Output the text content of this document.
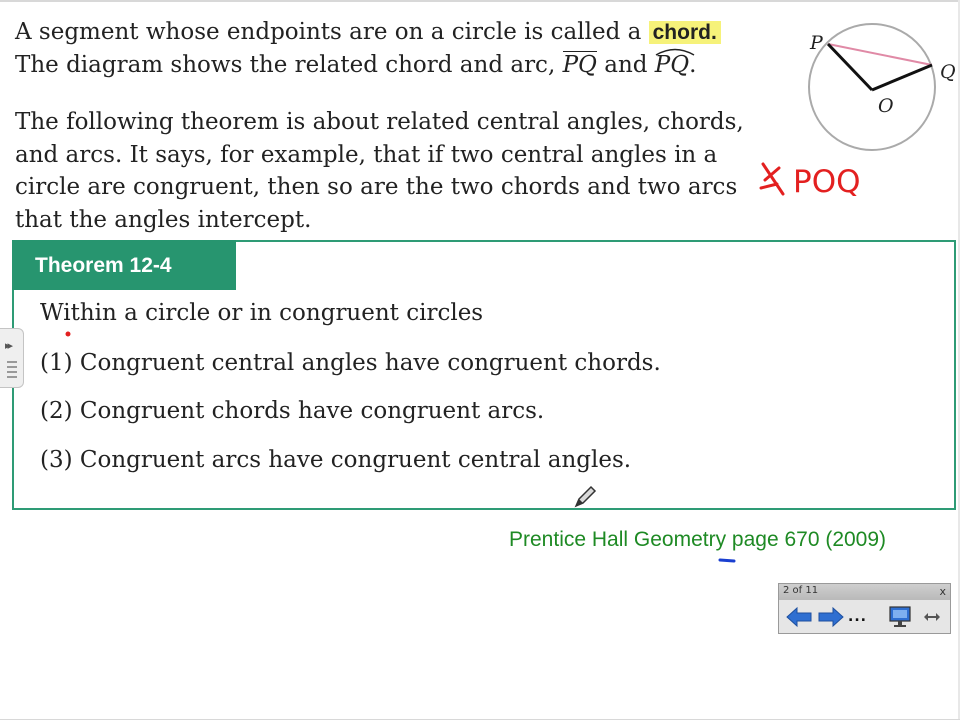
A segment whose endpoints are on a circle is called a chord.
The diagram shows the related chord and arc, PQ and PQ.

The following theorem is about related central angles, chords, and arcs. It says, for example, that if two central angles in a circle are congruent, then so are the two chords and two arcs that the angles intercept.

P
Q
O
POQ
Theorem 12-4

Within a circle or in congruent circles

(1) Congruent central angles have congruent chords.

(2) Congruent chords have congruent arcs.

(3) Congruent arcs have congruent central angles.

▸▸
Prentice Hall Geometry page 670 (2009)
2 of 11	x
...
